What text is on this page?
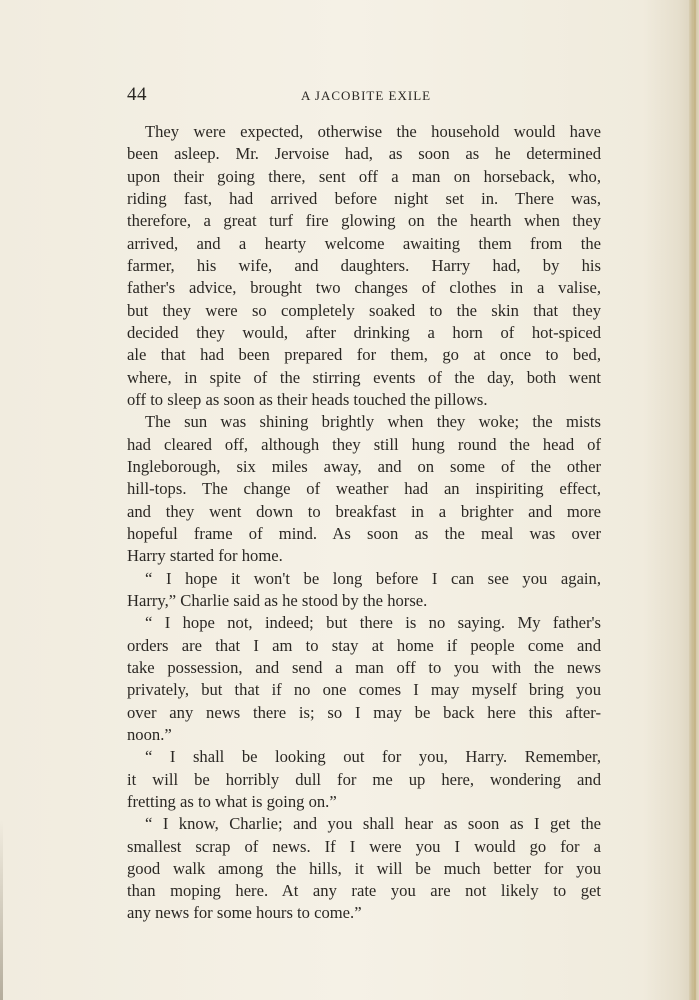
44	A JACOBITE EXILE
They were expected, otherwise the household would have
been asleep. Mr. Jervoise had, as soon as he determined
upon their going there, sent off a man on horseback, who,
riding fast, had arrived before night set in. There was,
therefore, a great turf fire glowing on the hearth when they
arrived, and a hearty welcome awaiting them from the
farmer, his wife, and daughters. Harry had, by his
father's advice, brought two changes of clothes in a valise,
but they were so completely soaked to the skin that they
decided they would, after drinking a horn of hot-spiced
ale that had been prepared for them, go at once to bed,
where, in spite of the stirring events of the day, both went
off to sleep as soon as their heads touched the pillows.
The sun was shining brightly when they woke; the mists
had cleared off, although they still hung round the head of
Ingleborough, six miles away, and on some of the other
hill-tops. The change of weather had an inspiriting effect,
and they went down to breakfast in a brighter and more
hopeful frame of mind. As soon as the meal was over
Harry started for home.
“ I hope it won't be long before I can see you again,
Harry,” Charlie said as he stood by the horse.
“ I hope not, indeed; but there is no saying. My father's
orders are that I am to stay at home if people come and
take possession, and send a man off to you with the news
privately, but that if no one comes I may myself bring you
over any news there is; so I may be back here this after-
noon.”
“ I shall be looking out for you, Harry. Remember,
it will be horribly dull for me up here, wondering and
fretting as to what is going on.”
“ I know, Charlie; and you shall hear as soon as I get the
smallest scrap of news. If I were you I would go for a
good walk among the hills, it will be much better for you
than moping here. At any rate you are not likely to get
any news for some hours to come.”
